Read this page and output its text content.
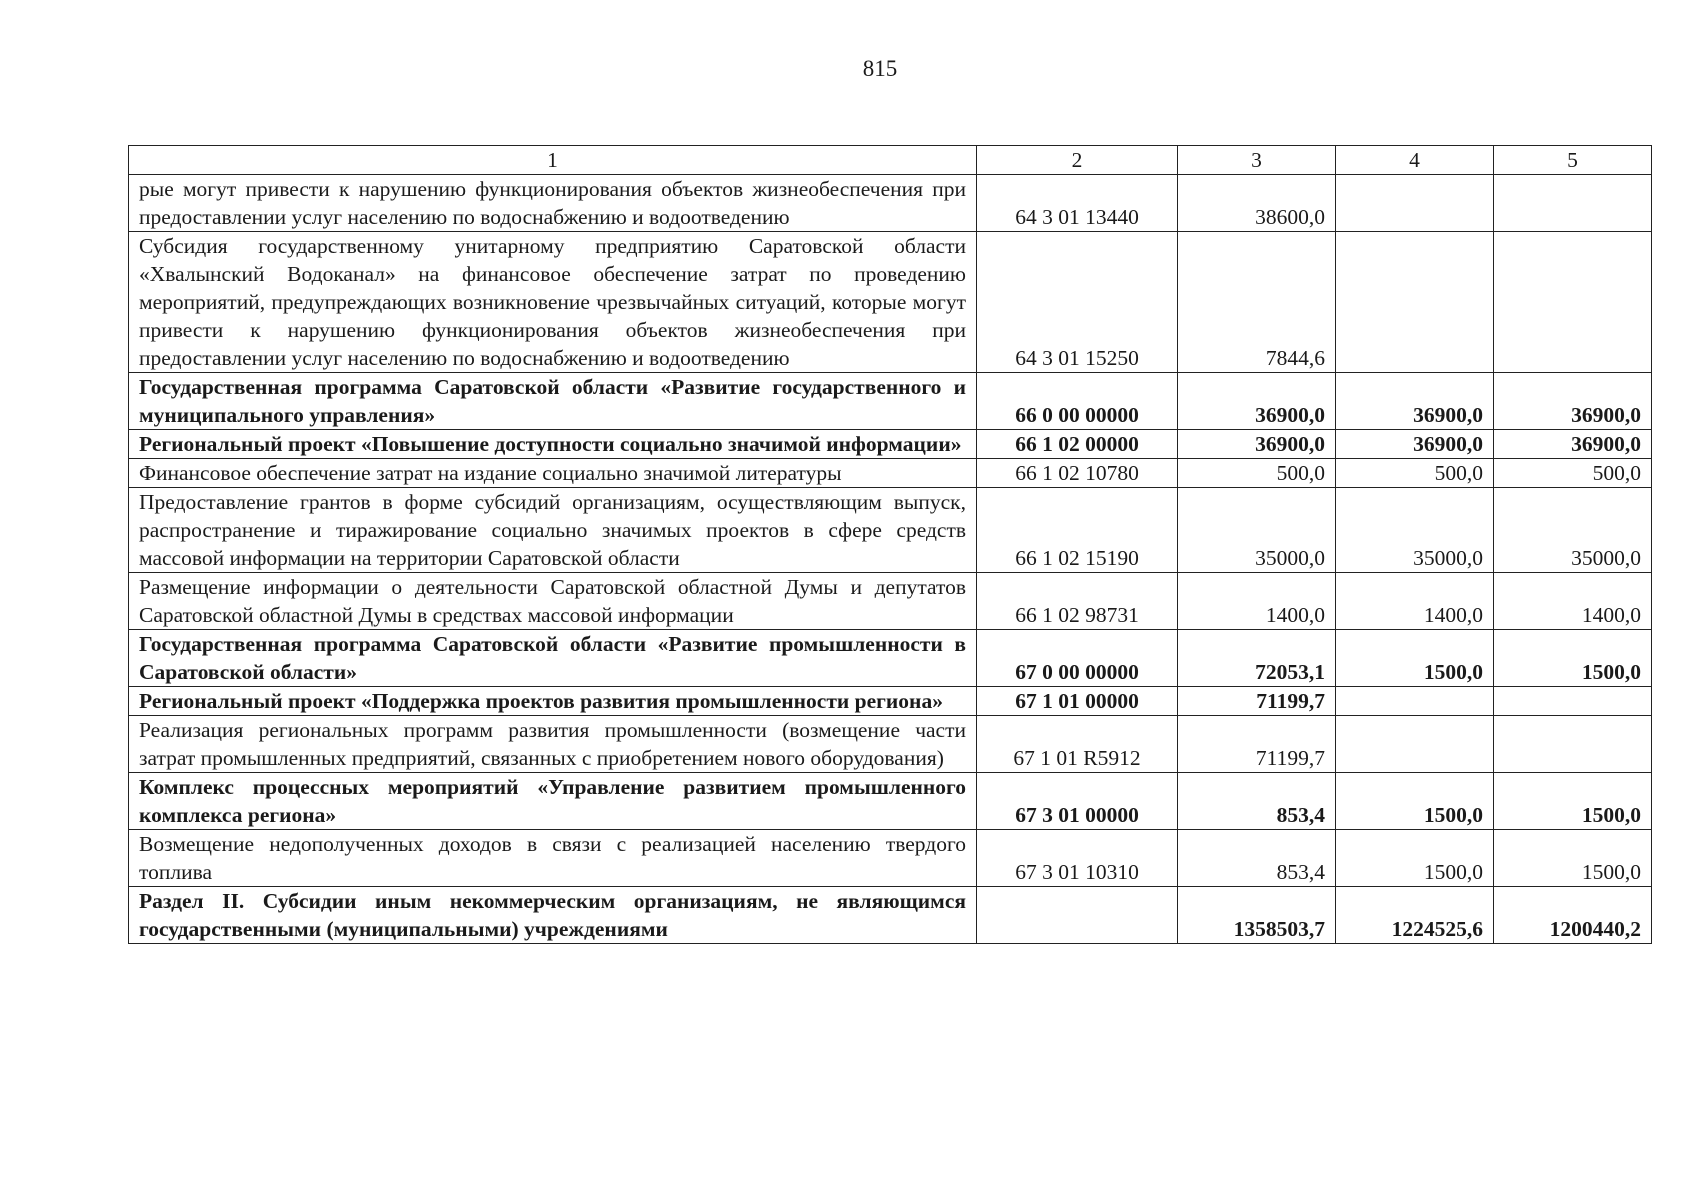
815
1	2	3	4	5
рые могут привести к нарушению функционирования объектов жизнеобеспечения при предоставлении услуг населению по водоснабжению и водоотведению	64 3 01 13440	38600,0		
Субсидия государственному унитарному предприятию Саратовской области «Хвалынский Водоканал» на финансовое обеспечение затрат по проведению мероприятий, предупреждающих возникновение чрезвычайных ситуаций, которые могут привести к нарушению функционирования объектов жизнеобеспечения при предоставлении услуг населению по водоснабжению и водоотведению	64 3 01 15250	7844,6		
Государственная программа Саратовской области «Развитие государственного и муниципального управления»	66 0 00 00000	36900,0	36900,0	36900,0
Региональный проект «Повышение доступности социально значимой информации»	66 1 02 00000	36900,0	36900,0	36900,0
Финансовое обеспечение затрат на издание социально значимой литературы	66 1 02 10780	500,0	500,0	500,0
Предоставление грантов в форме субсидий организациям, осуществляющим выпуск, распространение и тиражирование социально значимых проектов в сфере средств массовой информации на территории Саратовской области	66 1 02 15190	35000,0	35000,0	35000,0
Размещение информации о деятельности Саратовской областной Думы и депутатов Саратовской областной Думы в средствах массовой информации	66 1 02 98731	1400,0	1400,0	1400,0
Государственная программа Саратовской области «Развитие промышленности в Саратовской области»	67 0 00 00000	72053,1	1500,0	1500,0
Региональный проект «Поддержка проектов развития промышленности региона»	67 1 01 00000	71199,7		
Реализация региональных программ развития промышленности (возмещение части затрат промышленных предприятий, связанных с приобретением нового оборудования)	67 1 01 R5912	71199,7		
Комплекс процессных мероприятий «Управление развитием промышленного комплекса региона»	67 3 01 00000	853,4	1500,0	1500,0
Возмещение недополученных доходов в связи с реализацией населению твердого топлива	67 3 01 10310	853,4	1500,0	1500,0
Раздел II. Субсидии иным некоммерческим организациям, не являющимся государственными (муниципальными) учреждениями		1358503,7	1224525,6	1200440,2
